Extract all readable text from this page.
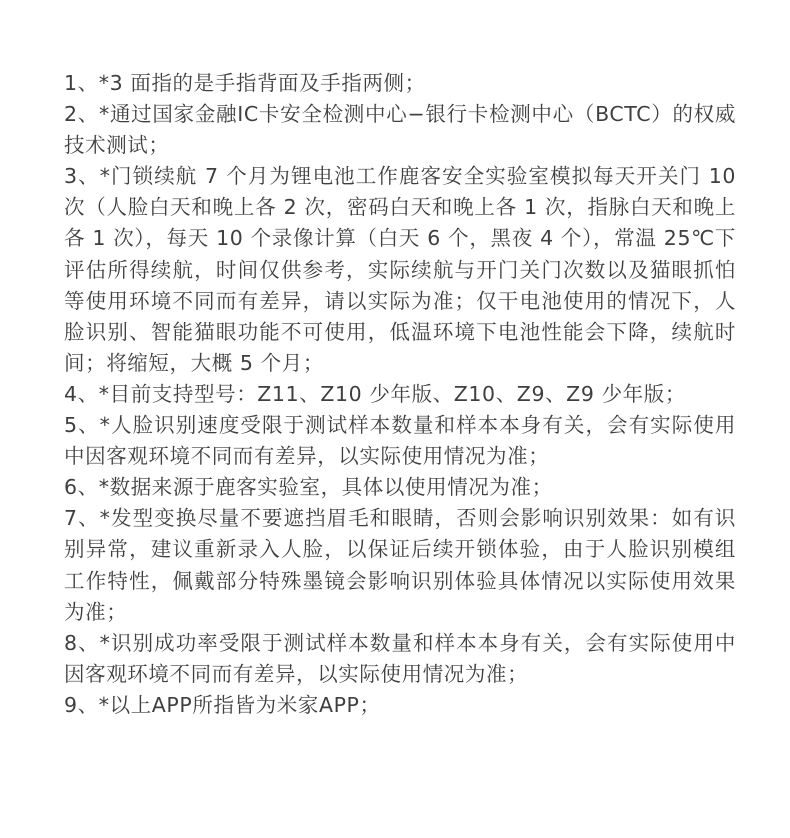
1、*3 面指的是手指背面及手指两侧；

2、*通过国家金融IC卡安全检测中心−银行卡检测中心（BCTC）的权威技术测试；

3、*门锁续航 7 个月为锂电池工作鹿客安全实验室模拟每天开关门 10 次（人脸白天和晚上各 2 次，密码白天和晚上各 1 次，指脉白天和晚上各 1 次），每天 10 个录像计算（白天 6 个，黑夜 4 个），常温 25℃下评估所得续航，时间仅供参考，实际续航与开门关门次数以及猫眼抓怕等使用环境不同而有差异，请以实际为准；仅干电池使用的情况下，人脸识别、智能猫眼功能不可使用，低温环境下电池性能会下降，续航时间；将缩短，大概 5 个月；

4、*目前支持型号：Z11、Z10 少年版、Z10、Z9、Z9 少年版；

5、*人脸识别速度受限于测试样本数量和样本本身有关，会有实际使用中因客观环境不同而有差异，以实际使用情况为准；

6、*数据来源于鹿客实验室，具体以使用情况为准；

7、*发型变换尽量不要遮挡眉毛和眼睛，否则会影响识别效果：如有识别异常，建议重新录入人脸，以保证后续开锁体验，由于人脸识别模组工作特性，佩戴部分特殊墨镜会影响识别体验具体情况以实际使用效果为准；

8、*识别成功率受限于测试样本数量和样本本身有关，会有实际使用中因客观环境不同而有差异，以实际使用情况为准；

9、*以上APP所指皆为米家APP；
